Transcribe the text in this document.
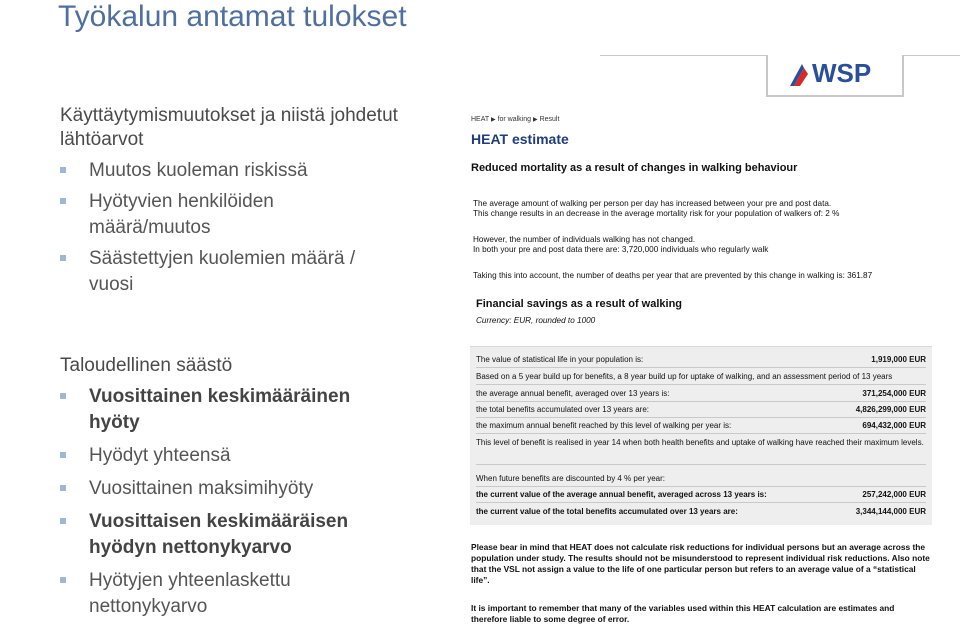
Työkalun antamat tulokset
WSP
Käyttäytymismuutokset ja niistä johdetut lähtöarvot
Muutos kuoleman riskissä
Hyötyvien henkilöiden määrä/muutos
Säästettyjen kuolemien määrä / vuosi
Taloudellinen säästö
Vuosittainen keskimääräinen hyöty
Hyödyt yhteensä
Vuosittainen maksimihyöty
Vuosittaisen keskimääräisen hyödyn nettonykyarvo
Hyötyjen yhteenlaskettu nettonykyarvo
HEAT ▶ for walking ▶ Result
HEAT estimate
Reduced mortality as a result of changes in walking behaviour
The average amount of walking per person per day has increased between your pre and post data.
This change results in an decrease in the average mortality risk for your population of walkers of: 2 %
However, the number of individuals walking has not changed.
In both your pre and post data there are: 3,720,000 individuals who regularly walk
Taking this into account, the number of deaths per year that are prevented by this change in walking is: 361.87
Financial savings as a result of walking
Currency: EUR, rounded to 1000
The value of statistical life in your population is:	1,919,000 EUR
Based on a 5 year build up for benefits, a 8 year build up for uptake of walking, and an assessment period of 13 years
the average annual benefit, averaged over 13 years is:	371,254,000 EUR
the total benefits accumulated over 13 years are:	4,826,299,000 EUR
the maximum annual benefit reached by this level of walking per year is:	694,432,000 EUR
This level of benefit is realised in year 14 when both health benefits and uptake of walking have reached their maximum levels.
When future benefits are discounted by 4 % per year:
the current value of the average annual benefit, averaged across 13 years is:	257,242,000 EUR
the current value of the total benefits accumulated over 13 years are:	3,344,144,000 EUR
Please bear in mind that HEAT does not calculate risk reductions for individual persons but an average across the population under study. The results should not be misunderstood to represent individual risk reductions. Also note that the VSL not assign a value to the life of one particular person but refers to an average value of a “statistical life”.
It is important to remember that many of the variables used within this HEAT calculation are estimates and therefore liable to some degree of error.
